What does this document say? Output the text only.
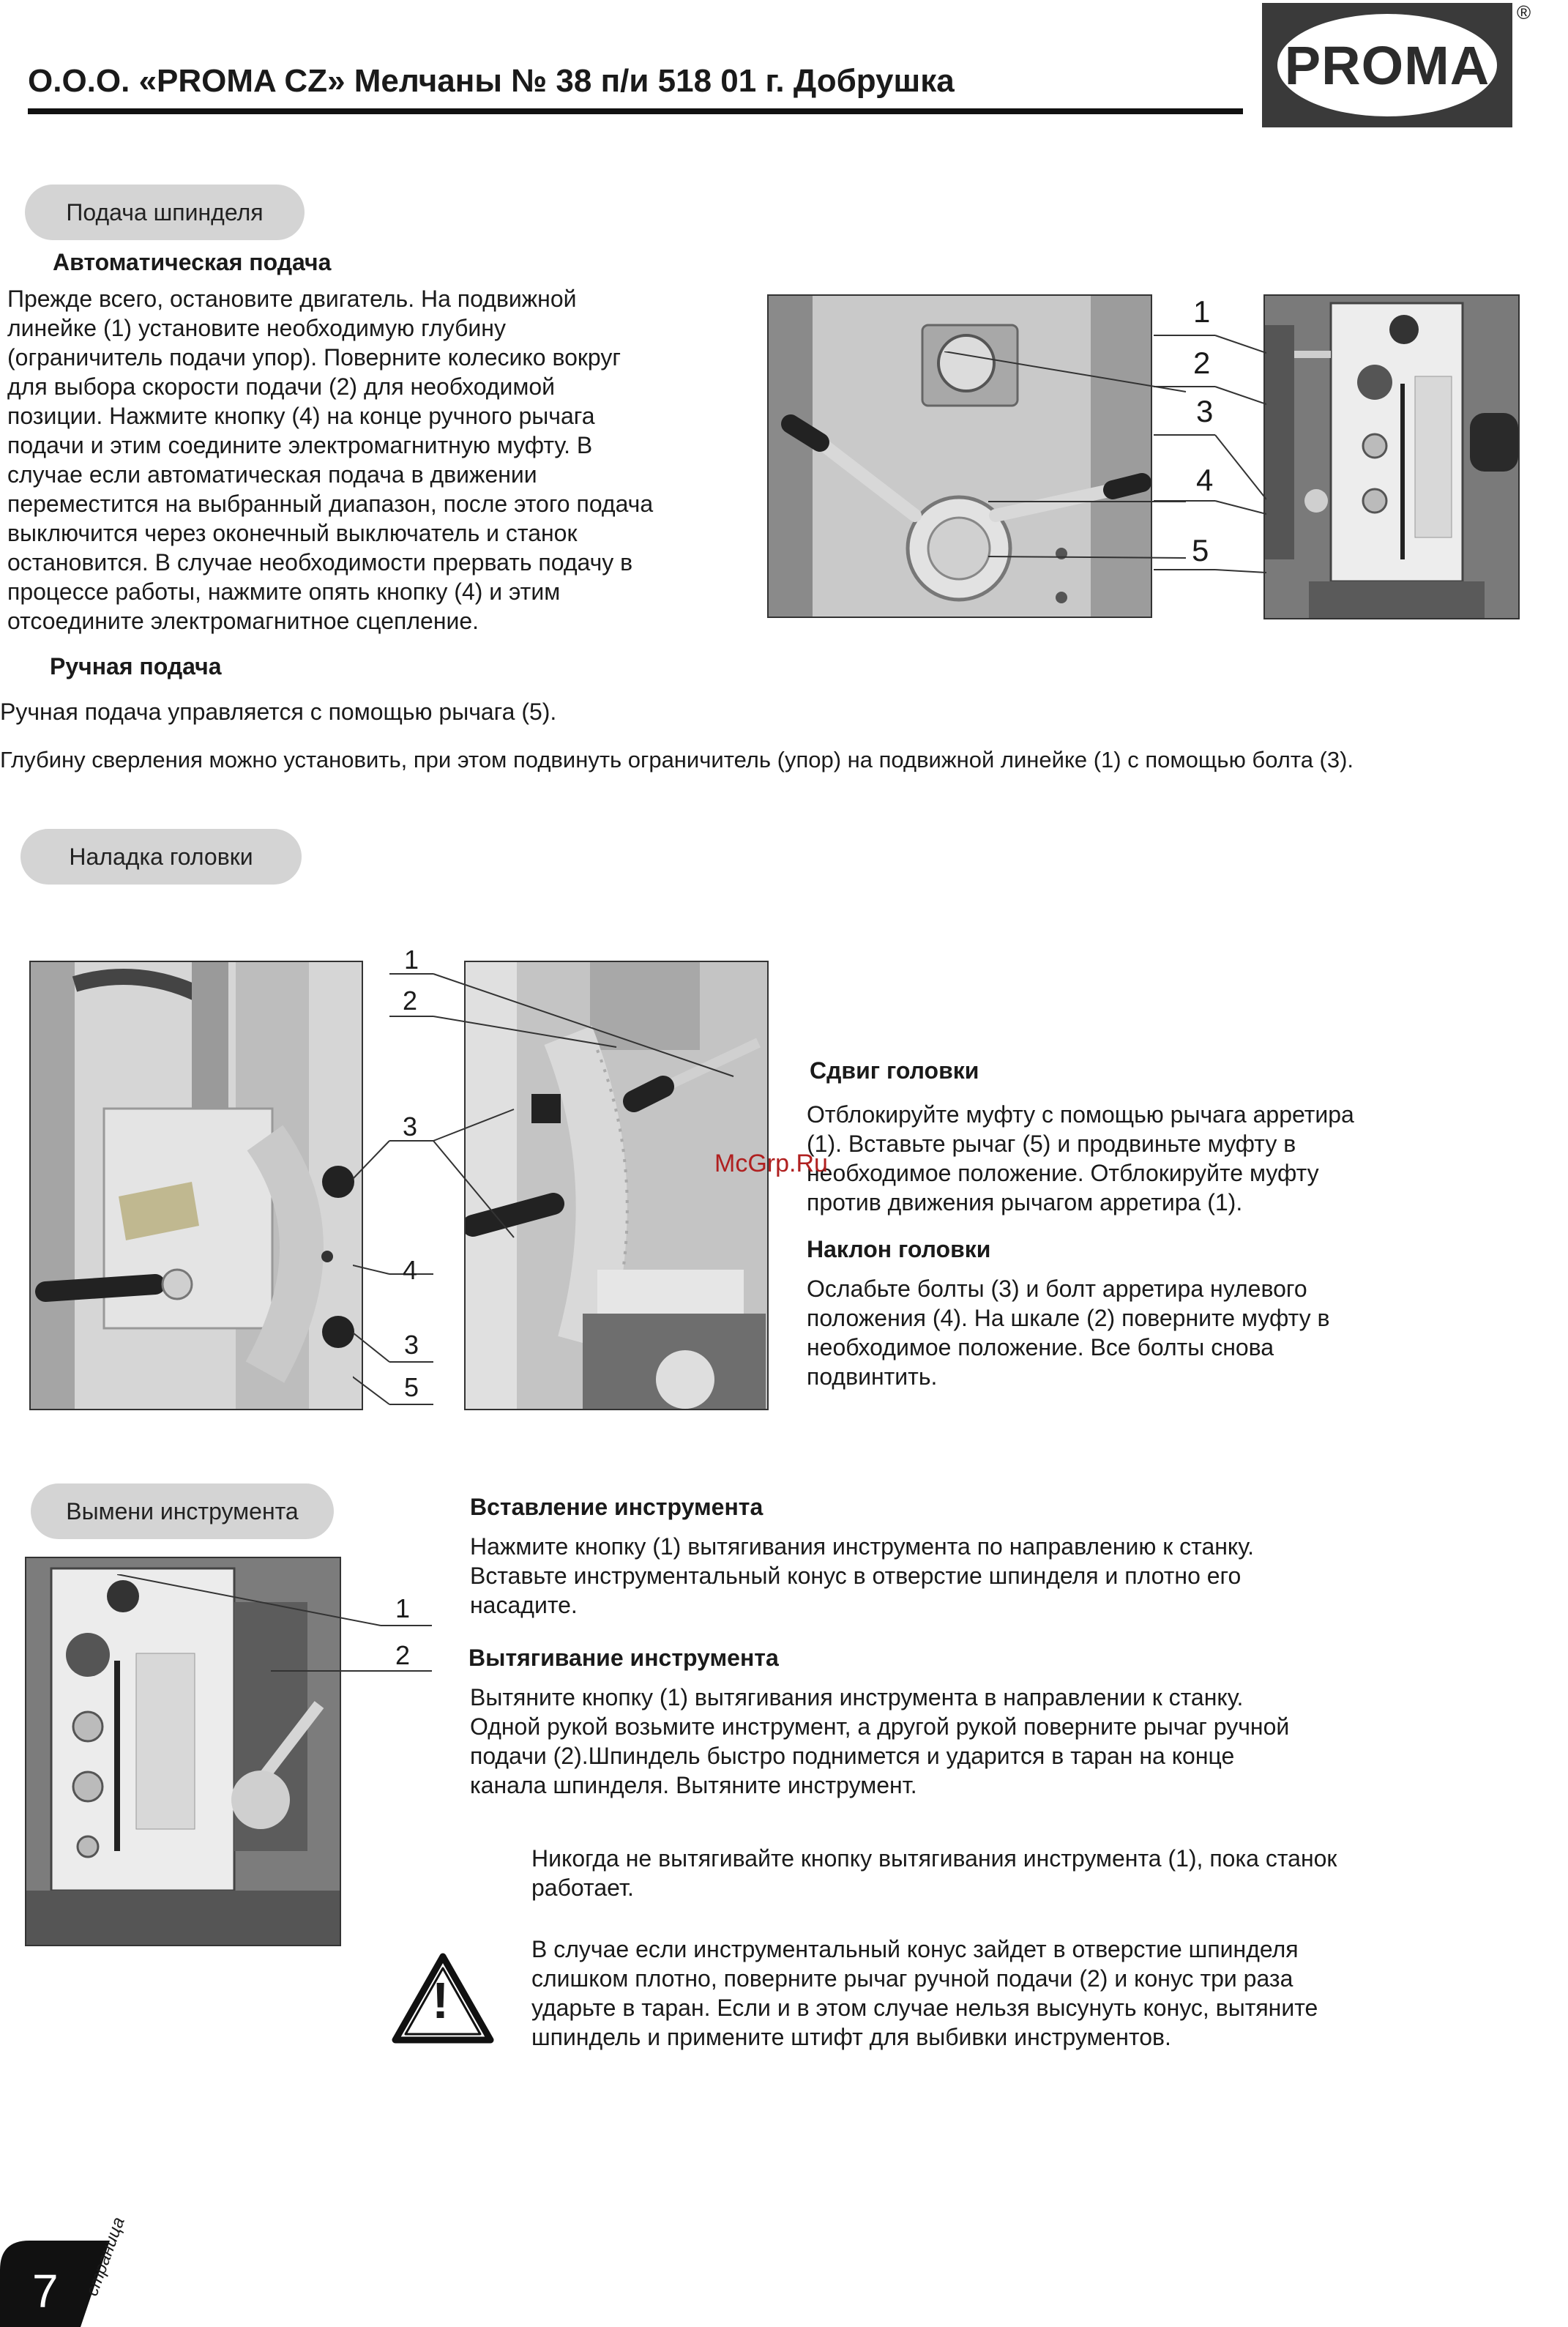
О.О.О. «PROMA CZ» Мелчаны № 38 п/и 518 01 г. Добрушка	PROMA
®
Подача шпинделя
Автоматическая подача

Прежде всего, остановите двигатель. На подвижной

линейке (1) установите необходимую глубину

(ограничитель подачи упор). Поверните колесико вокруг

для выбора скорости подачи (2) для необходимой

позиции. Нажмите кнопку (4) на конце ручного рычага

подачи и этим соедините электромагнитную муфту. В

случае если автоматическая подача в движении

переместится на выбранный диапазон, после этого подача

выключится через оконечный выключатель и станок

остановится. В случае необходимости прервать подачу в

процессе работы, нажмите опять кнопку (4) и этим

отсоедините электромагнитное сцепление.

Ручная подача
Ручная подача управляется с помощью рычага (5).
Глубину сверления можно установить, при этом подвинуть ограничитель (упор) на подвижной линейке (1) с помощью болта (3).
1
2
3
4
5
Наладка головки
1
2
3
4
3
5
Сдвиг головки

Отблокируйте муфту с помощью рычага арретира

(1). Вставьте рычаг (5) и продвиньте муфту в

необходимое положение. Отблокируйте муфту

против движения рычагом арретира (1).

McGrp.Ru
Наклон головки

Ослабьте болты (3) и болт арретира нулевого

положения (4). На шкале (2) поверните муфту в

необходимое положение. Все болты снова

подвинтить.

Вымени инструмента
1
2
Вставление инструмента

Нажмите кнопку (1) вытягивания инструмента по направлению к станку.

Вставьте инструментальный конус в отверстие шпинделя и плотно его

насадите.

Вытягивание инструмента

Вытяните кнопку (1) вытягивания инструмента в направлении к станку.

Одной рукой возьмите инструмент, а другой рукой поверните рычаг ручной

подачи (2).Шпиндель быстро поднимется и ударится в таран на конце

канала шпинделя. Вытяните инструмент.

Никогда не вытягивайте кнопку вытягивания инструмента (1), пока станок

работает.

В случае если инструментальный конус зайдет в отверстие шпинделя

слишком плотно, поверните рычаг ручной подачи (2) и конус три раза

ударьте в таран. Если и в этом случае нельзя высунуть конус, вытяните

шпиндель и примените штифт для выбивки инструментов.

!
7 страница
